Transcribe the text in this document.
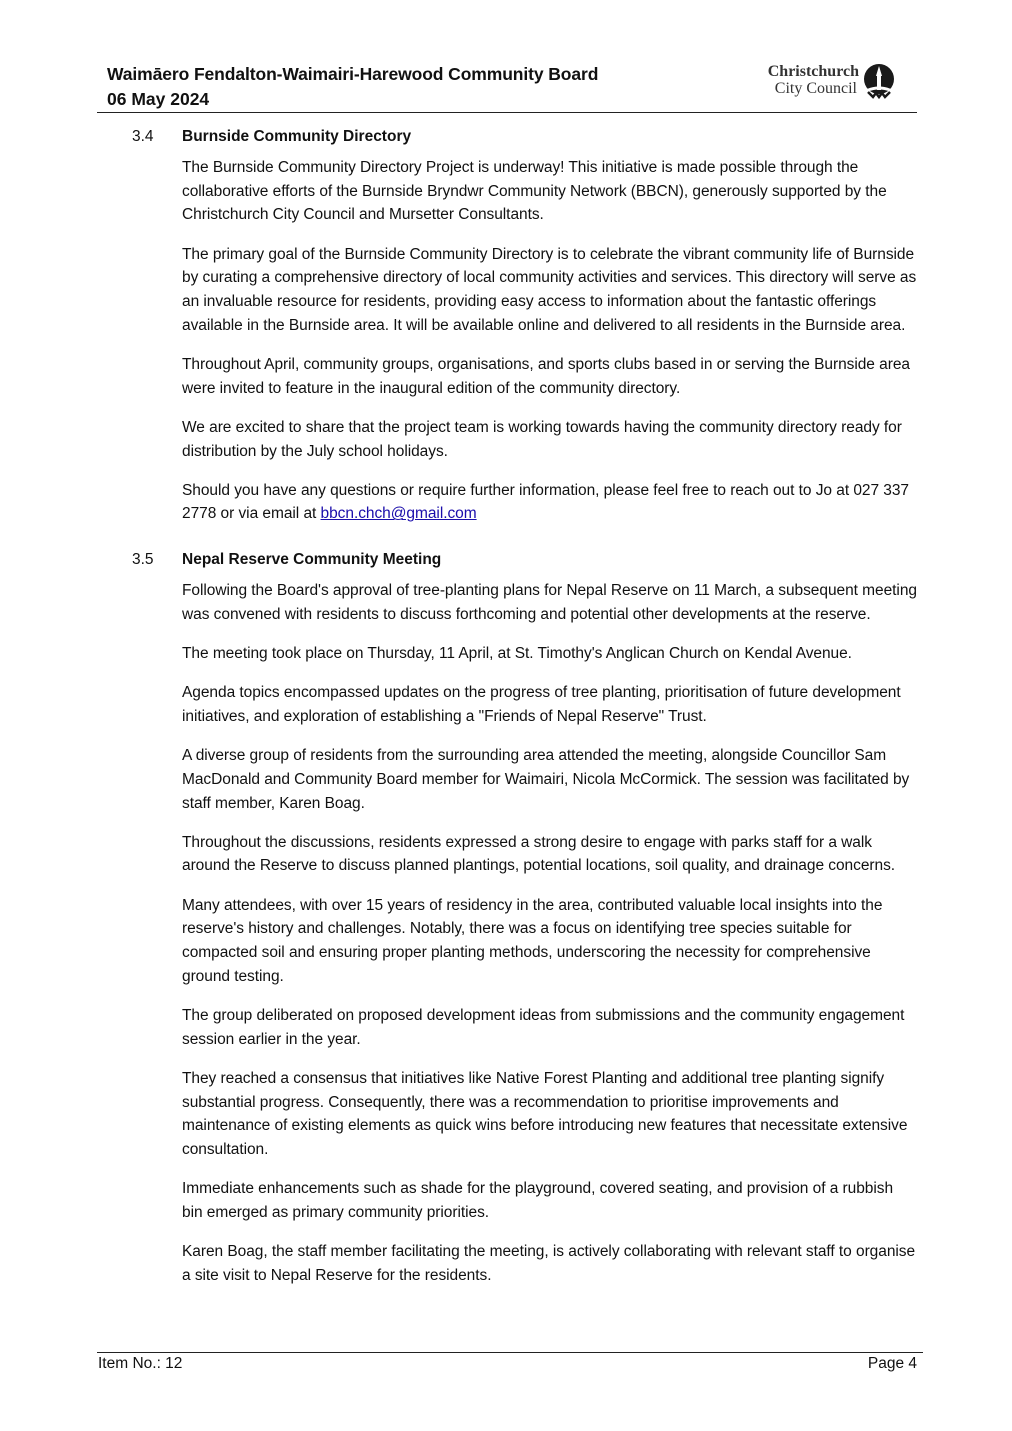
Waimāero Fendalton-Waimairi-Harewood Community Board
06 May 2024
Christchurch
City Council
3.4 Burnside Community Directory

The Burnside Community Directory Project is underway! This initiative is made possible through the collaborative efforts of the Burnside Bryndwr Community Network (BBCN), generously supported by the Christchurch City Council and Mursetter Consultants.

The primary goal of the Burnside Community Directory is to celebrate the vibrant community life of Burnside by curating a comprehensive directory of local community activities and services. This directory will serve as an invaluable resource for residents, providing easy access to information about the fantastic offerings available in the Burnside area. It will be available online and delivered to all residents in the Burnside area.

Throughout April, community groups, organisations, and sports clubs based in or serving the Burnside area were invited to feature in the inaugural edition of the community directory.

We are excited to share that the project team is working towards having the community directory ready for distribution by the July school holidays.

Should you have any questions or require further information, please feel free to reach out to Jo at 027 337 2778 or via email at bbcn.chch@gmail.com

3.5 Nepal Reserve Community Meeting

Following the Board's approval of tree-planting plans for Nepal Reserve on 11 March, a subsequent meeting was convened with residents to discuss forthcoming and potential other developments at the reserve.

The meeting took place on Thursday, 11 April, at St. Timothy's Anglican Church on Kendal Avenue.

Agenda topics encompassed updates on the progress of tree planting, prioritisation of future development initiatives, and exploration of establishing a "Friends of Nepal Reserve" Trust.

A diverse group of residents from the surrounding area attended the meeting, alongside Councillor Sam MacDonald and Community Board member for Waimairi, Nicola McCormick. The session was facilitated by staff member, Karen Boag.

Throughout the discussions, residents expressed a strong desire to engage with parks staff for a walk around the Reserve to discuss planned plantings, potential locations, soil quality, and drainage concerns.

Many attendees, with over 15 years of residency in the area, contributed valuable local insights into the reserve's history and challenges. Notably, there was a focus on identifying tree species suitable for compacted soil and ensuring proper planting methods, underscoring the necessity for comprehensive ground testing.

The group deliberated on proposed development ideas from submissions and the community engagement session earlier in the year.

They reached a consensus that initiatives like Native Forest Planting and additional tree planting signify substantial progress. Consequently, there was a recommendation to prioritise improvements and maintenance of existing elements as quick wins before introducing new features that necessitate extensive consultation.

Immediate enhancements such as shade for the playground, covered seating, and provision of a rubbish bin emerged as primary community priorities.

Karen Boag, the staff member facilitating the meeting, is actively collaborating with relevant staff to organise a site visit to Nepal Reserve for the residents.

Item No.: 12	Page 4
